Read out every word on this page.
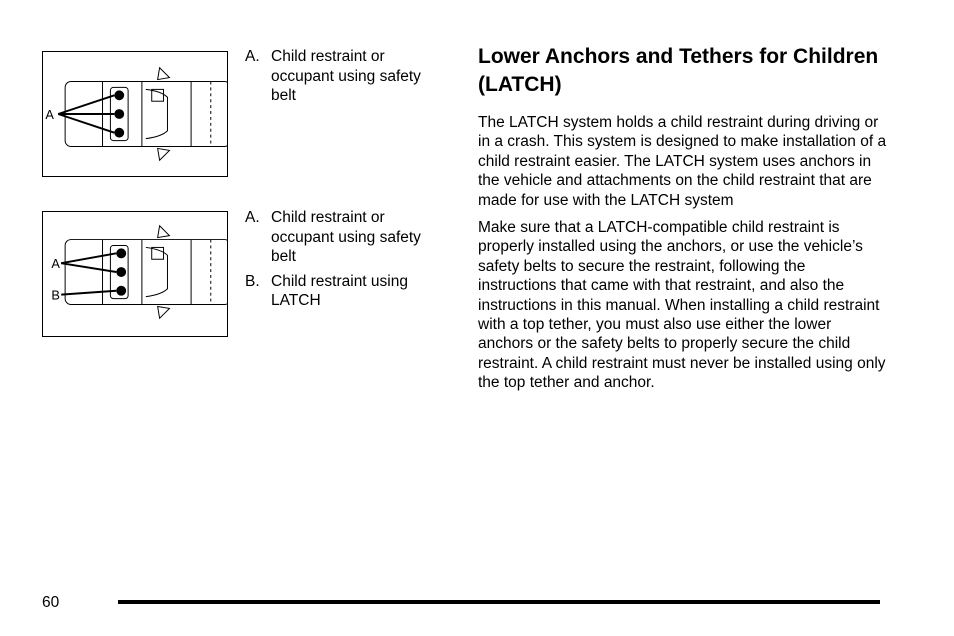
A
A. Child restraint or occupant using safety belt
A
B
A. Child restraint or occupant using safety belt
B. Child restraint using LATCH
Lower Anchors and Tethers for Children (LATCH)

The LATCH system holds a child restraint during driving or in a crash. This system is designed to make installation of a child restraint easier. The LATCH system uses anchors in the vehicle and attachments on the child restraint that are made for use with the LATCH system

Make sure that a LATCH-compatible child restraint is properly installed using the anchors, or use the vehicle’s safety belts to secure the restraint, following the instructions that came with that restraint, and also the instructions in this manual. When installing a child restraint with a top tether, you must also use either the lower anchors or the safety belts to properly secure the child restraint. A child restraint must never be installed using only the top tether and anchor.

60
